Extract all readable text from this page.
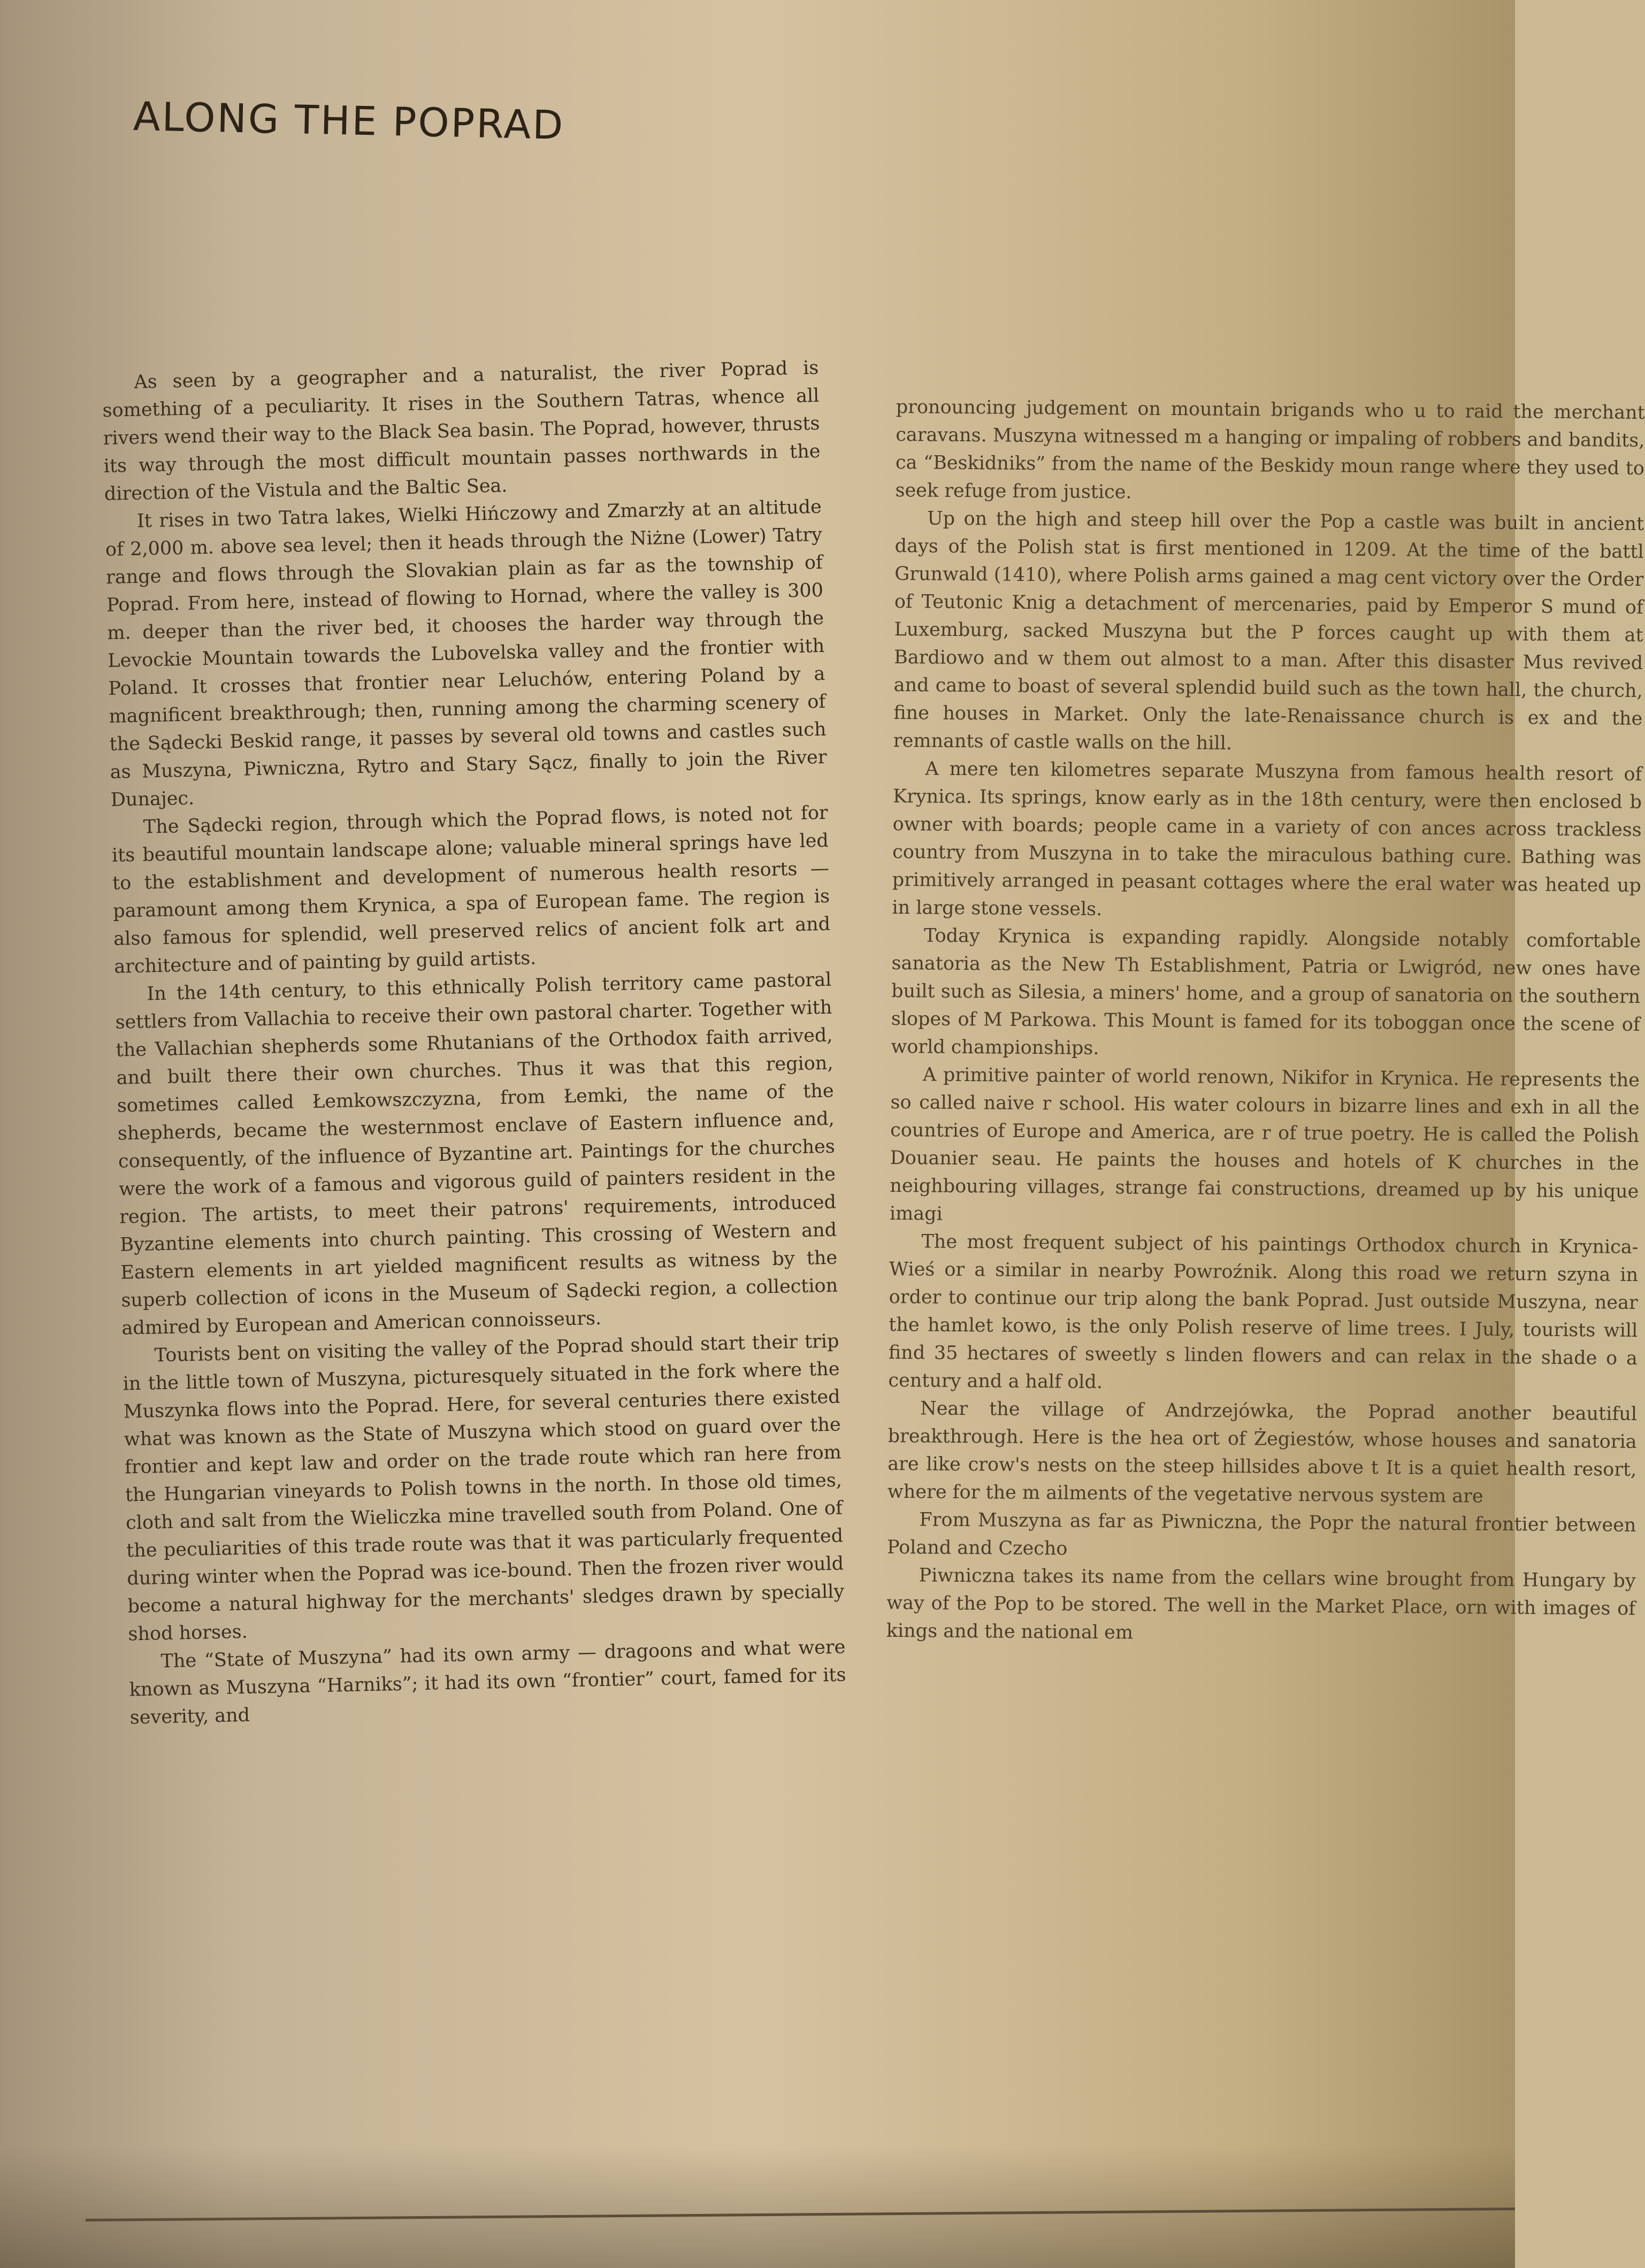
ALONG THE POPRAD

As seen by a geographer and a naturalist, the river Poprad is something of a peculiarity. It rises in the Southern Tatras, whence all rivers wend their way to the Black Sea basin. The Poprad, however, thrusts its way through the most difficult mountain passes northwards in the direction of the Vistula and the Baltic Sea.

It rises in two Tatra lakes, Wielki Hińczowy and Zmarzły at an altitude of 2,000 m. above sea level; then it heads through the Niżne (Lower) Tatry range and flows through the Slovakian plain as far as the township of Poprad. From here, instead of flowing to Hornad, where the valley is 300 m. deeper than the river bed, it chooses the harder way through the Levockie Mountain towards the Lubovelska valley and the frontier with Poland. It crosses that frontier near Leluchów, entering Poland by a magnificent breakthrough; then, running among the charming scenery of the Sądecki Beskid range, it passes by several old towns and castles such as Muszyna, Piwniczna, Rytro and Stary Sącz, finally to join the River Dunajec.

The Sądecki region, through which the Poprad flows, is noted not for its beautiful mountain landscape alone; valuable mineral springs have led to the establishment and development of numerous health resorts — paramount among them Krynica, a spa of European fame. The region is also famous for splendid, well preserved relics of ancient folk art and architecture and of painting by guild artists.

In the 14th century, to this ethnically Polish territory came pastoral settlers from Vallachia to receive their own pastoral charter. Together with the Vallachian shepherds some Rhutanians of the Orthodox faith arrived, and built there their own churches. Thus it was that this region, sometimes called Łemkowszczyzna, from Łemki, the name of the shepherds, became the westernmost enclave of Eastern influence and, consequently, of the influence of Byzantine art. Paintings for the churches were the work of a famous and vigorous guild of painters resident in the region. The artists, to meet their patrons' requirements, introduced Byzantine elements into church painting. This crossing of Western and Eastern elements in art yielded magnificent results as witness by the superb collection of icons in the Museum of Sądecki region, a collection admired by European and American connoisseurs.

Tourists bent on visiting the valley of the Poprad should start their trip in the little town of Muszyna, picturesquely situated in the fork where the Muszynka flows into the Poprad. Here, for several centuries there existed what was known as the State of Muszyna which stood on guard over the frontier and kept law and order on the trade route which ran here from the Hungarian vineyards to Polish towns in the north. In those old times, cloth and salt from the Wieliczka mine travelled south from Poland. One of the peculiarities of this trade route was that it was particularly frequented during winter when the Poprad was ice-bound. Then the frozen river would become a natural highway for the merchants' sledges drawn by specially shod horses.

The “State of Muszyna” had its own army — dragoons and what were known as Muszyna “Harniks”; it had its own “frontier” court, famed for its severity, and

pronouncing judgement on mountain brigands who u to raid the merchant caravans. Muszyna witnessed m a hanging or impaling of robbers and bandits, ca “Beskidniks” from the name of the Beskidy moun range where they used to seek refuge from justice.

Up on the high and steep hill over the Pop a castle was built in ancient days of the Polish stat is first mentioned in 1209. At the time of the battl Grunwald (1410), where Polish arms gained a mag cent victory over the Order of Teutonic Knig a detachment of mercenaries, paid by Emperor S mund of Luxemburg, sacked Muszyna but the P forces caught up with them at Bardiowo and w them out almost to a man. After this disaster Mus revived and came to boast of several splendid build such as the town hall, the church, fine houses in Market. Only the late-Renaissance church is ex and the remnants of castle walls on the hill.

A mere ten kilometres separate Muszyna from famous health resort of Krynica. Its springs, know early as in the 18th century, were then enclosed b owner with boards; people came in a variety of con ances across trackless country from Muszyna in to take the miraculous bathing cure. Bathing was primitively arranged in peasant cottages where the eral water was heated up in large stone vessels.

Today Krynica is expanding rapidly. Alongside notably comfortable sanatoria as the New Th Establishment, Patria or Lwigród, new ones have built such as Silesia, a miners' home, and a group of sanatoria on the southern slopes of M Parkowa. This Mount is famed for its toboggan once the scene of world championships.

A primitive painter of world renown, Nikifor in Krynica. He represents the so called naive r school. His water colours in bizarre lines and exh in all the countries of Europe and America, are r of true poetry. He is called the Polish Douanier seau. He paints the houses and hotels of K churches in the neighbouring villages, strange fai constructions, dreamed up by his unique imagi

The most frequent subject of his paintings Orthodox church in Krynica-Wieś or a similar in nearby Powroźnik. Along this road we return szyna in order to continue our trip along the bank Poprad. Just outside Muszyna, near the hamlet kowo, is the only Polish reserve of lime trees. I July, tourists will find 35 hectares of sweetly s linden flowers and can relax in the shade o a century and a half old.

Near the village of Andrzejówka, the Poprad another beautiful breakthrough. Here is the hea ort of Żegiestów, whose houses and sanatoria are like crow's nests on the steep hillsides above t It is a quiet health resort, where for the m ailments of the vegetative nervous system are

From Muszyna as far as Piwniczna, the Popr the natural frontier between Poland and Czecho

Piwniczna takes its name from the cellars wine brought from Hungary by way of the Pop to be stored. The well in the Market Place, orn with images of kings and the national em
